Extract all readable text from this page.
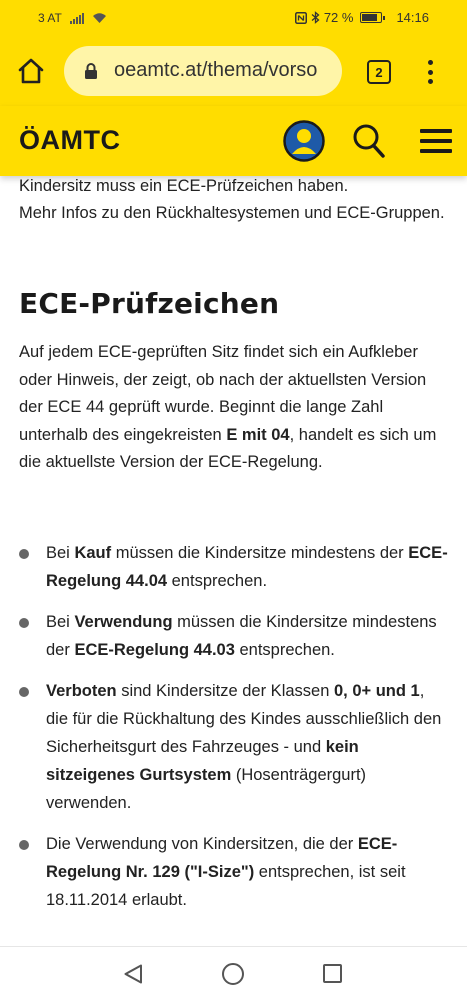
3 AT	72 %	14:16
oeamtc.at/thema/vorso	2
ÖAMTC

Kindersitz muss ein ECE-Prüfzeichen haben.

Mehr Infos zu den Rückhaltesystemen und ECE-Gruppen.

ECE-Prüfzeichen

Auf jedem ECE-geprüften Sitz findet sich ein Aufkleber oder Hinweis, der zeigt, ob nach der aktuellsten Version der ECE 44 geprüft wurde. Beginnt die lange Zahl unterhalb des eingekreisten E mit 04, handelt es sich um die aktuellste Version der ECE-Regelung.

Bei Kauf müssen die Kindersitze mindestens der ECE-Regelung 44.04 entsprechen.
Bei Verwendung müssen die Kindersitze mindestens der ECE-Regelung 44.03 entsprechen.
Verboten sind Kindersitze der Klassen 0, 0+ und 1, die für die Rückhaltung des Kindes ausschließlich den Sicherheitsgurt des Fahrzeuges - und kein sitzeigenes Gurtsystem (Hosenträgergurt) verwenden.
Die Verwendung von Kindersitzen, die der ECE-Regelung Nr. 129 ("I-Size") entsprechen, ist seit 18.11.2014 erlaubt.
